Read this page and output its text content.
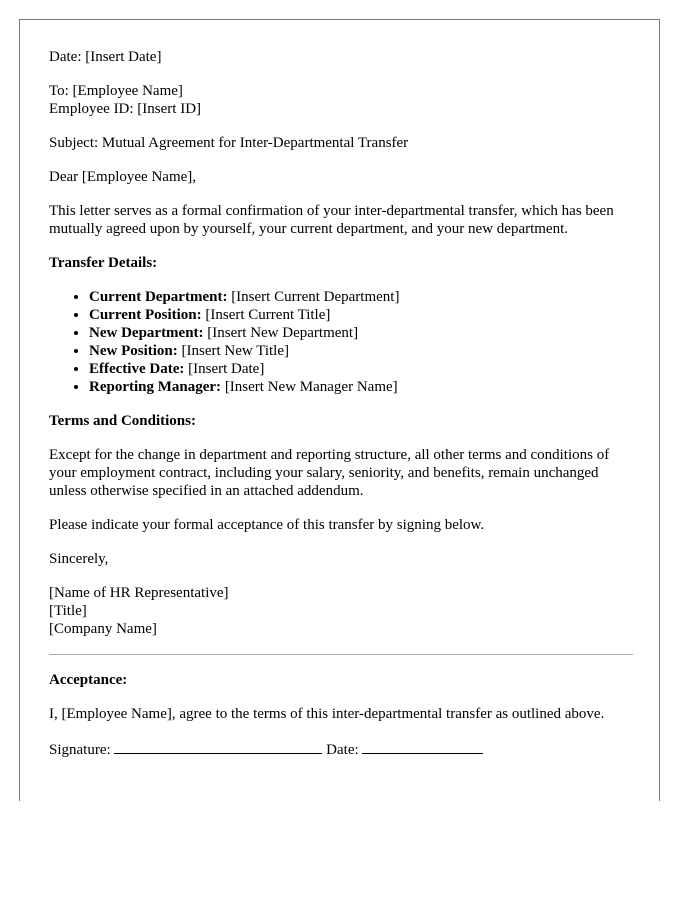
Date: [Insert Date]

To: [Employee Name]
Employee ID: [Insert ID]

Subject: Mutual Agreement for Inter-Departmental Transfer

Dear [Employee Name],

This letter serves as a formal confirmation of your inter-departmental transfer, which has been mutually agreed upon by yourself, your current department, and your new department.

Transfer Details:

• Current Department: [Insert Current Department]
• Current Position: [Insert Current Title]
• New Department: [Insert New Department]
• New Position: [Insert New Title]
• Effective Date: [Insert Date]
• Reporting Manager: [Insert New Manager Name]

Terms and Conditions:

Except for the change in department and reporting structure, all other terms and conditions of your employment contract, including your salary, seniority, and benefits, remain unchanged unless otherwise specified in an attached addendum.

Please indicate your formal acceptance of this transfer by signing below.

Sincerely,

[Name of HR Representative]
[Title]
[Company Name]

Acceptance:

I, [Employee Name], agree to the terms of this inter-departmental transfer as outlined above.

Signature:	Date:
